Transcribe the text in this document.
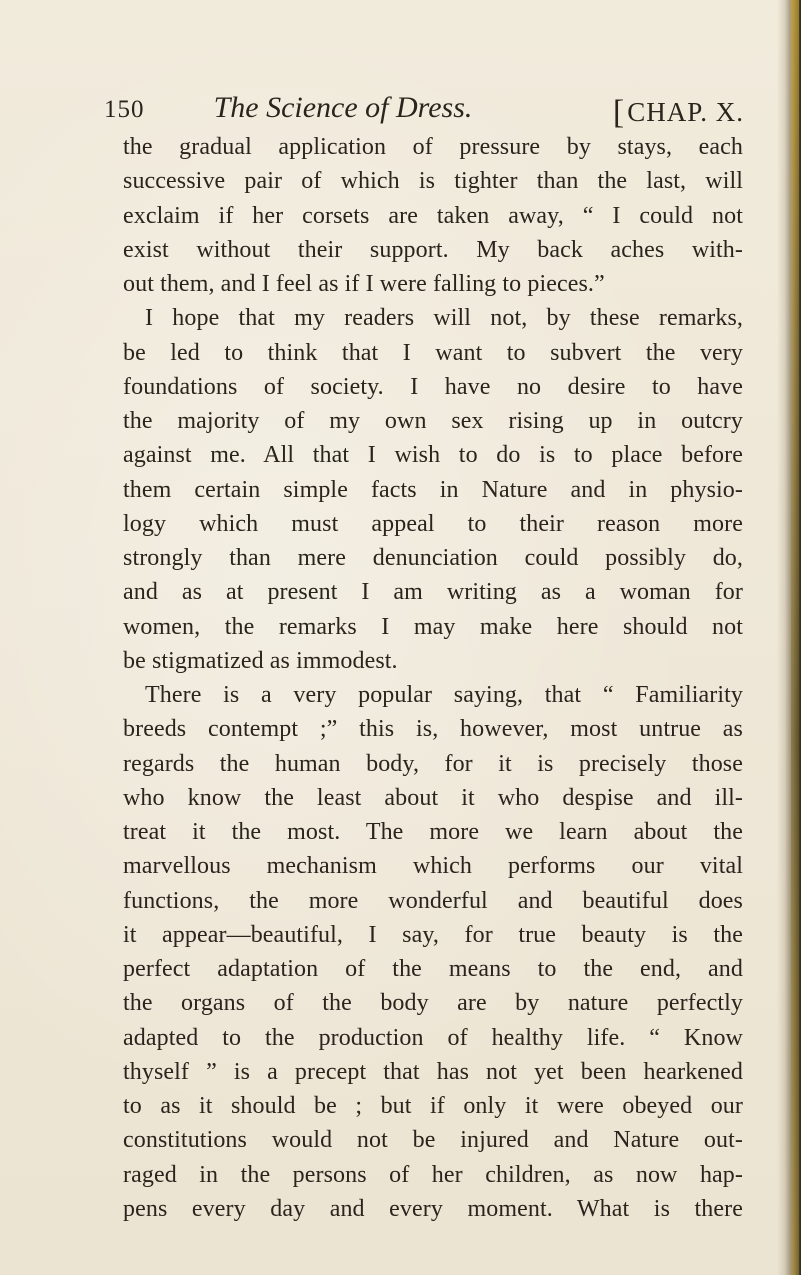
150 The Science of Dress.	[CHAP. X.
the gradual application of pressure by stays, each
successive pair of which is tighter than the last, will
exclaim if her corsets are taken away, “ I could not
exist without their support. My back aches with-
out them, and I feel as if I were falling to pieces.”
I hope that my readers will not, by these remarks,
be led to think that I want to subvert the very
foundations of society. I have no desire to have
the majority of my own sex rising up in outcry
against me. All that I wish to do is to place before
them certain simple facts in Nature and in physio-
logy which must appeal to their reason more
strongly than mere denunciation could possibly do,
and as at present I am writing as a woman for
women, the remarks I may make here should not
be stigmatized as immodest.
There is a very popular saying, that “ Familiarity
breeds contempt ;” this is, however, most untrue as
regards the human body, for it is precisely those
who know the least about it who despise and ill-
treat it the most. The more we learn about the
marvellous mechanism which performs our vital
functions, the more wonderful and beautiful does
it appear—beautiful, I say, for true beauty is the
perfect adaptation of the means to the end, and
the organs of the body are by nature perfectly
adapted to the production of healthy life. “ Know
thyself ” is a precept that has not yet been hearkened
to as it should be ; but if only it were obeyed our
constitutions would not be injured and Nature out-
raged in the persons of her children, as now hap-
pens every day and every moment. What is there
